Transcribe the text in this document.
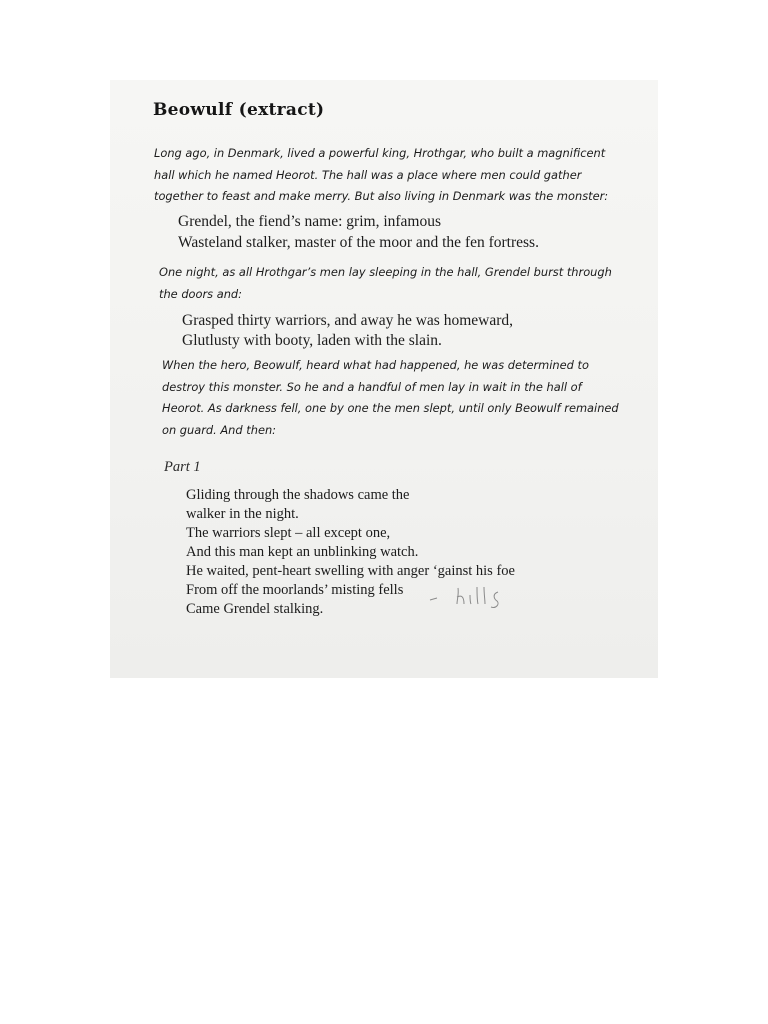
Beowulf (extract)
Long ago, in Denmark, lived a powerful king, Hrothgar, who built a magnificent
hall which he named Heorot. The hall was a place where men could gather
together to feast and make merry. But also living in Denmark was the monster:
Grendel, the fiend’s name: grim, infamous
Wasteland stalker, master of the moor and the fen fortress.
One night, as all Hrothgar’s men lay sleeping in the hall, Grendel burst through
the doors and:
Grasped thirty warriors, and away he was homeward,
Glutlusty with booty, laden with the slain.
When the hero, Beowulf, heard what had happened, he was determined to
destroy this monster. So he and a handful of men lay in wait in the hall of
Heorot. As darkness fell, one by one the men slept, until only Beowulf remained
on guard. And then:
Part 1
Gliding through the shadows came the
walker in the night.
The warriors slept – all except one,
And this man kept an unblinking watch.
He waited, pent-heart swelling with anger ‘gainst his foe
From off the moorlands’ misting fells
Came Grendel stalking.
